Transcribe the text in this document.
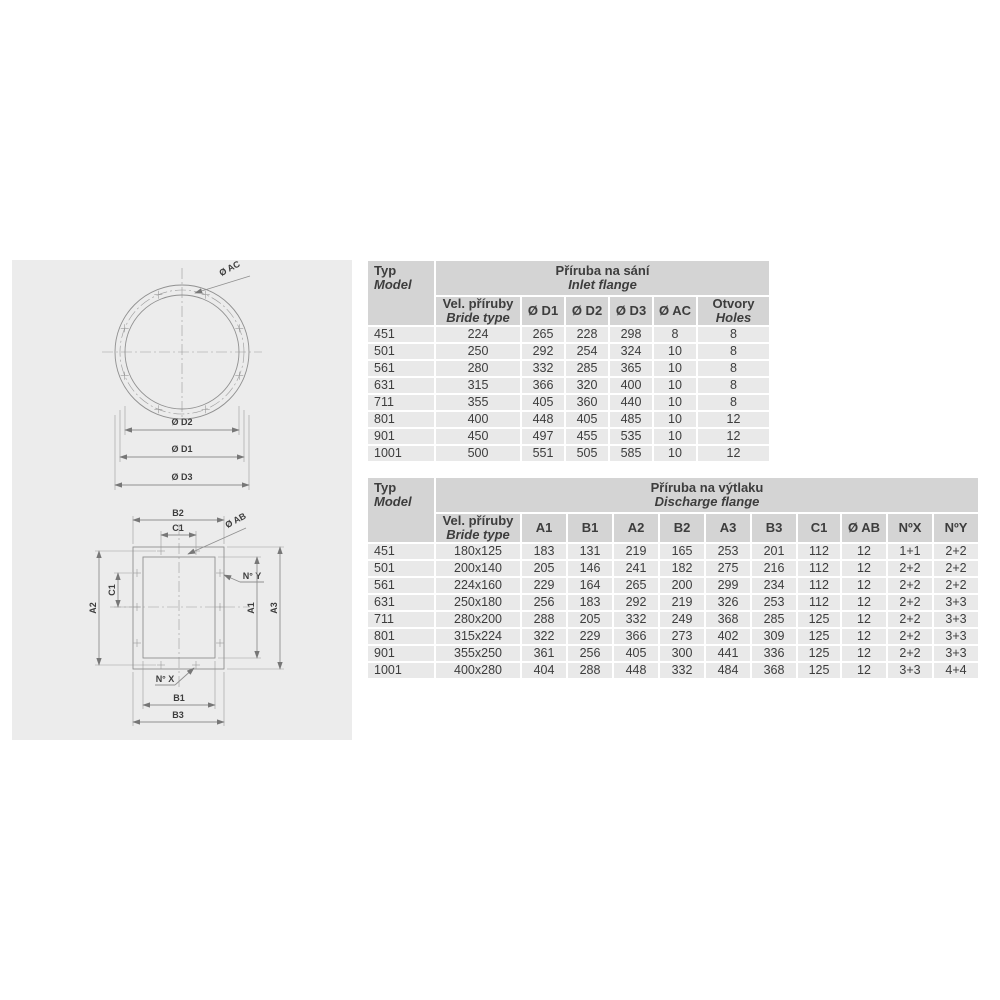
Ø AC
Ø D2
Ø D1
Ø D3
B2
C1	Ø AB
N° Y
A2
C1
A1 A3
N° X
B1
B3
Typ
Model

Příruba na sání
Inlet flange

Vel. příruby
Bride type	Ø D1	Ø D2	Ø D3	Ø AC	Otvory
Holes

451	224	265	228	298	8	8
501	250	292	254	324	10	8
561	280	332	285	365	10	8
631	315	366	320	400	10	8
711	355	405	360	440	10	8
801	400	448	405	485	10	12
901	450	497	455	535	10	12
1001	500	551	505	585	10	12
Typ
Model

Příruba na výtlaku
Discharge flange

	Vel. příruby
Bride type	A1	B1	A2	B2	A3	B3	C1	Ø AB	NºX	NºY
451	180x125	183	131	219	165	253	201	112	12	1+1	2+2
501	200x140	205	146	241	182	275	216	112	12	2+2	2+2
561	224x160	229	164	265	200	299	234	112	12	2+2	2+2
631	250x180	256	183	292	219	326	253	112	12	2+2	3+3
711	280x200	288	205	332	249	368	285	125	12	2+2	3+3
801	315x224	322	229	366	273	402	309	125	12	2+2	3+3
901	355x250	361	256	405	300	441	336	125	12	2+2	3+3
1001	400x280	404	288	448	332	484	368	125	12	3+3	4+4
